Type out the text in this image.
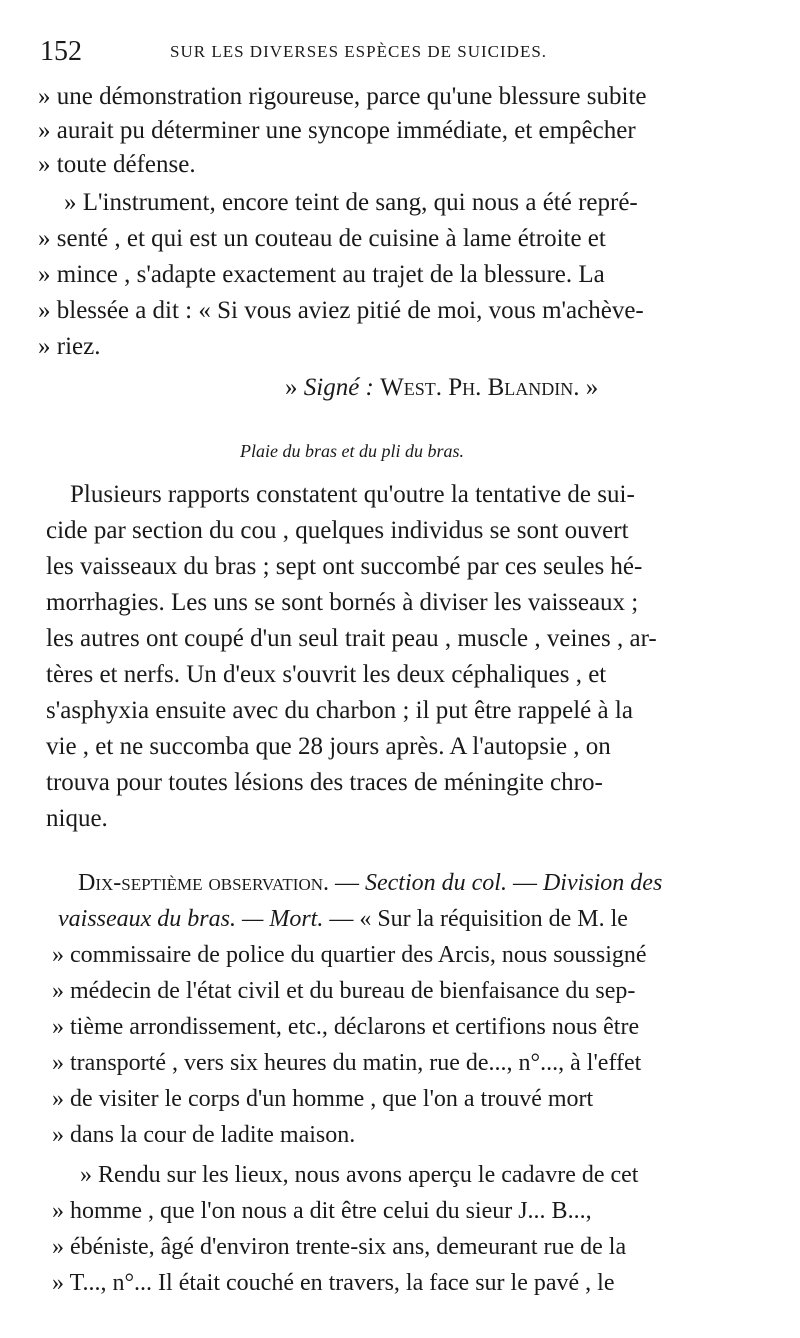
152	SUR LES DIVERSES ESPÈCES DE SUICIDES.
» une démonstration rigoureuse, parce qu'une blessure subite
» aurait pu déterminer une syncope immédiate, et empêcher
» toute défense.
» L'instrument, encore teint de sang, qui nous a été repré-
» senté , et qui est un couteau de cuisine à lame étroite et
» mince , s'adapte exactement au trajet de la blessure. La
» blessée a dit : « Si vous aviez pitié de moi, vous m'achève-
» riez.
» Signé : West. Ph. Blandin. »
Plaie du bras et du pli du bras.
Plusieurs rapports constatent qu'outre la tentative de sui-
cide par section du cou , quelques individus se sont ouvert
les vaisseaux du bras ; sept ont succombé par ces seules hé-
morrhagies. Les uns se sont bornés à diviser les vaisseaux ;
les autres ont coupé d'un seul trait peau , muscle , veines , ar-
tères et nerfs. Un d'eux s'ouvrit les deux céphaliques , et
s'asphyxia ensuite avec du charbon ; il put être rappelé à la
vie , et ne succomba que 28 jours après. A l'autopsie , on
trouva pour toutes lésions des traces de méningite chro-
nique.
Dix-septième observation. — Section du col. — Division des
vaisseaux du bras. — Mort. — « Sur la réquisition de M. le
» commissaire de police du quartier des Arcis, nous soussigné
» médecin de l'état civil et du bureau de bienfaisance du sep-
» tième arrondissement, etc., déclarons et certifions nous être
» transporté , vers six heures du matin, rue de..., n°..., à l'effet
» de visiter le corps d'un homme , que l'on a trouvé mort
» dans la cour de ladite maison.
» Rendu sur les lieux, nous avons aperçu le cadavre de cet
» homme , que l'on nous a dit être celui du sieur J... B...,
» ébéniste, âgé d'environ trente-six ans, demeurant rue de la
» T..., n°... Il était couché en travers, la face sur le pavé , le
